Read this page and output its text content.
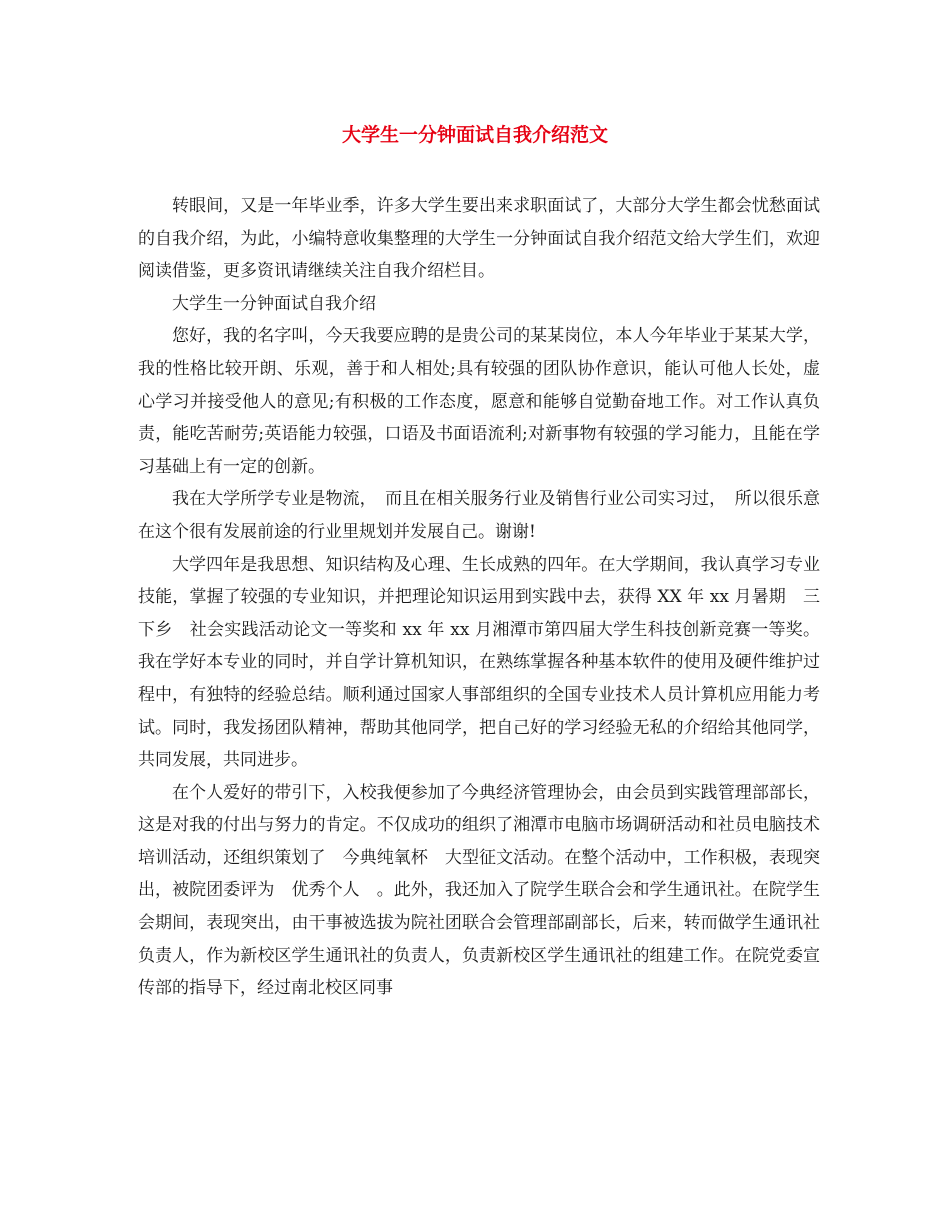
大学生一分钟面试自我介绍范文

转眼间，又是一年毕业季，许多大学生要出来求职面试了，大部分大学生都会忧愁面试的自我介绍，为此，小编特意收集整理的大学生一分钟面试自我介绍范文给大学生们，欢迎阅读借鉴，更多资讯请继续关注自我介绍栏目。

大学生一分钟面试自我介绍

您好，我的名字叫，今天我要应聘的是贵公司的某某岗位，本人今年毕业于某某大学，我的性格比较开朗、乐观，善于和人相处;具有较强的团队协作意识，能认可他人长处，虚心学习并接受他人的意见;有积极的工作态度，愿意和能够自觉勤奋地工作。对工作认真负责，能吃苦耐劳;英语能力较强，口语及书面语流利;对新事物有较强的学习能力，且能在学习基础上有一定的创新。

我在大学所学专业是物流，　而且在相关服务行业及销售行业公司实习过，　所以很乐意在这个很有发展前途的行业里规划并发展自己。谢谢!

大学四年是我思想、知识结构及心理、生长成熟的四年。在大学期间，我认真学习专业技能，掌握了较强的专业知识，并把理论知识运用到实践中去，获得 XX 年 xx 月暑期　三下乡　社会实践活动论文一等奖和 xx 年 xx 月湘潭市第四届大学生科技创新竞赛一等奖。我在学好本专业的同时，并自学计算机知识，在熟练掌握各种基本软件的使用及硬件维护过程中，有独特的经验总结。顺利通过国家人事部组织的全国专业技术人员计算机应用能力考试。同时，我发扬团队精神，帮助其他同学，把自己好的学习经验无私的介绍给其他同学，共同发展，共同进步。

在个人爱好的带引下，入校我便参加了今典经济管理协会，由会员到实践管理部部长，这是对我的付出与努力的肯定。不仅成功的组织了湘潭市电脑市场调研活动和社员电脑技术培训活动，还组织策划了　今典纯氧杯　大型征文活动。在整个活动中，工作积极，表现突出，被院团委评为　优秀个人　。此外，我还加入了院学生联合会和学生通讯社。在院学生会期间，表现突出，由干事被选拔为院社团联合会管理部副部长，后来，转而做学生通讯社负责人，作为新校区学生通讯社的负责人，负责新校区学生通讯社的组建工作。在院党委宣传部的指导下，经过南北校区同事
